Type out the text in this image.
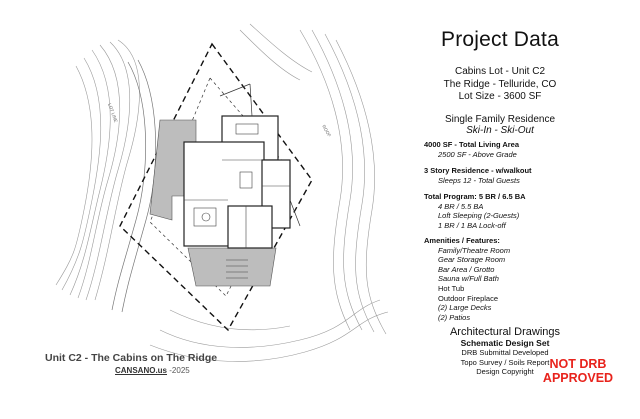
LOT LINE
ROOF
Unit C2 - The Cabins on The Ridge
CANSANO.us -2025
Project Data
Cabins Lot - Unit C2
The Ridge - Telluride, CO
Lot Size - 3600 SF
Single Family Residence
Ski-In - Ski-Out
4000 SF - Total Living Area
2500 SF - Above Grade
3 Story Residence - w/walkout
Sleeps 12 - Total Guests
Total Program: 5 BR / 6.5 BA
4 BR / 5.5 BA
Loft Sleeping (2-Guests)
1 BR / 1 BA Lock-off
Amenities / Features:
Family/Theatre Room
Gear Storage Room
Bar Area / Grotto
Sauna w/Full Bath
Hot Tub
Outdoor Fireplace
(2) Large Decks
(2) Patios
Architectural Drawings
Schematic Design Set
DRB Submittal Developed
Topo Survey / Soils Report
Design Copyright
NOT DRB
APPROVED
